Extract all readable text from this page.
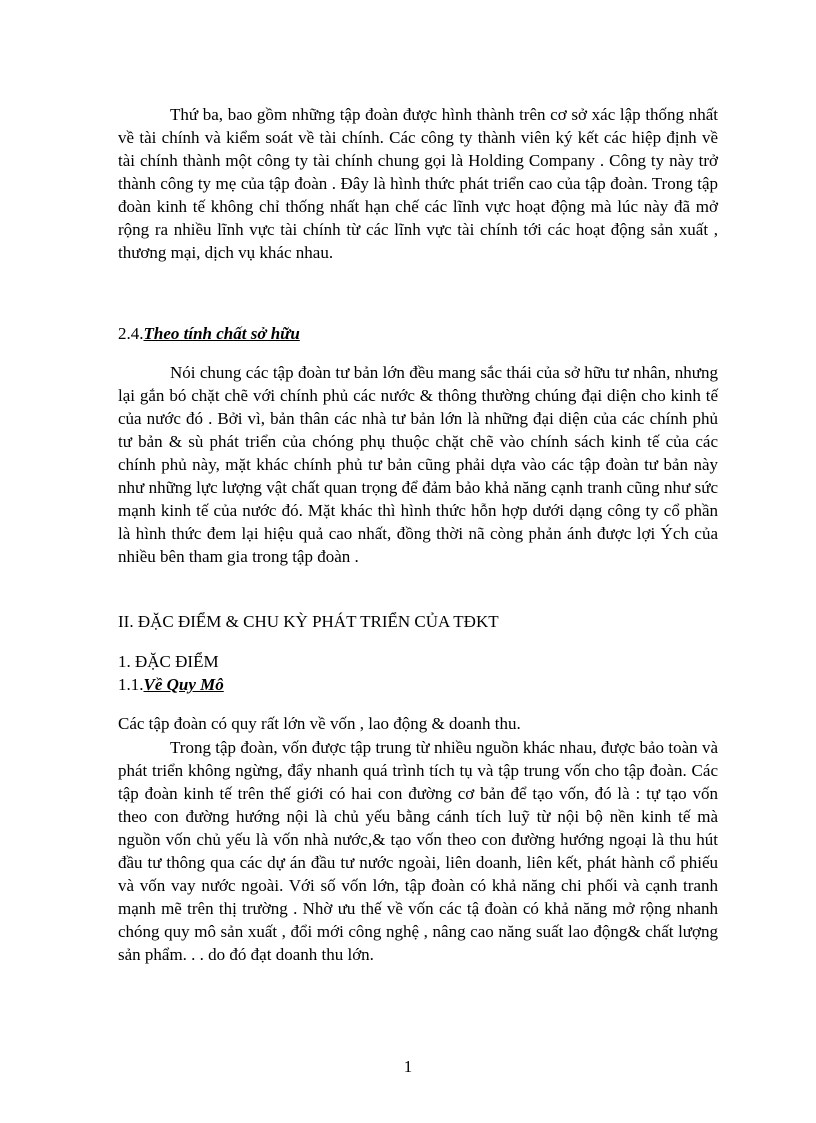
Thứ ba, bao gồm những tập đoàn được hình thành trên cơ sở xác lập thống nhất về tài chính và kiểm soát về tài chính. Các công ty thành viên ký kết các hiệp định về tài chính thành một công ty tài chính chung gọi là Holding Company . Công ty này trở thành công ty mẹ của tập đoàn . Đây là hình thức phát triển cao của tập đoàn. Trong tập đoàn kinh tế không chỉ thống nhất hạn chế các lĩnh vực hoạt động mà lúc này đã mở rộng ra nhiều lĩnh vực tài chính từ các lĩnh vực tài chính tới các hoạt động sản xuất , thương mại, dịch vụ khác nhau.

2.4.Theo tính chất sở hữu

Nói chung các tập đoàn tư bản lớn đều mang sắc thái của sở hữu tư nhân, nhưng lại gắn bó chặt chẽ với chính phủ các nước & thông thường chúng đại diện cho kinh tế của nước đó . Bởi vì, bản thân các nhà tư bản lớn là những đại diện của các chính phủ tư bản & sù phát triển của chóng phụ thuộc chặt chẽ vào chính sách kinh tế của các chính phủ này, mặt khác chính phủ tư bản cũng phải dựa vào các tập đoàn tư bản này như những lực lượng vật chất quan trọng để đảm bảo khả năng cạnh tranh cũng như sức mạnh kinh tế của nước đó. Mặt khác thì hình thức hỗn hợp dưới dạng công ty cổ phần là hình thức đem lại hiệu quả cao nhất, đồng thời nã còng phản ánh được lợi Ých của nhiều bên tham gia trong tập đoàn .

II. ĐẶC ĐIỂM & CHU KỲ PHÁT TRIỂN CỦA TĐKT

1. ĐẶC ĐIỂM

1.1.Về Quy Mô

Các tập đoàn có quy rất lớn về vốn , lao động & doanh thu.

Trong tập đoàn, vốn được tập trung từ nhiều nguồn khác nhau, được bảo toàn và phát triển không ngừng, đẩy nhanh quá trình tích tụ và tập trung vốn cho tập đoàn. Các tập đoàn kinh tế trên thế giới có hai con đường cơ bản để tạo vốn, đó là : tự tạo vốn theo con đường hướng nội là chủ yếu bằng cánh tích luỹ từ nội bộ nền kinh tế mà nguồn vốn chủ yếu là vốn nhà nước,& tạo vốn theo con đường hướng ngoại là thu hút đầu tư thông qua các dự án đầu tư nước ngoài, liên doanh, liên kết, phát hành cổ phiếu và vốn vay nước ngoài. Với số vốn lớn, tập đoàn có khả năng chi phối và cạnh tranh mạnh mẽ trên thị trường . Nhờ ưu thế về vốn các tậ đoàn có khả năng mở rộng nhanh chóng quy mô sản xuất , đổi mới công nghệ , nâng cao năng suất lao động& chất lượng sản phẩm. . . do đó đạt doanh thu lớn.

1
